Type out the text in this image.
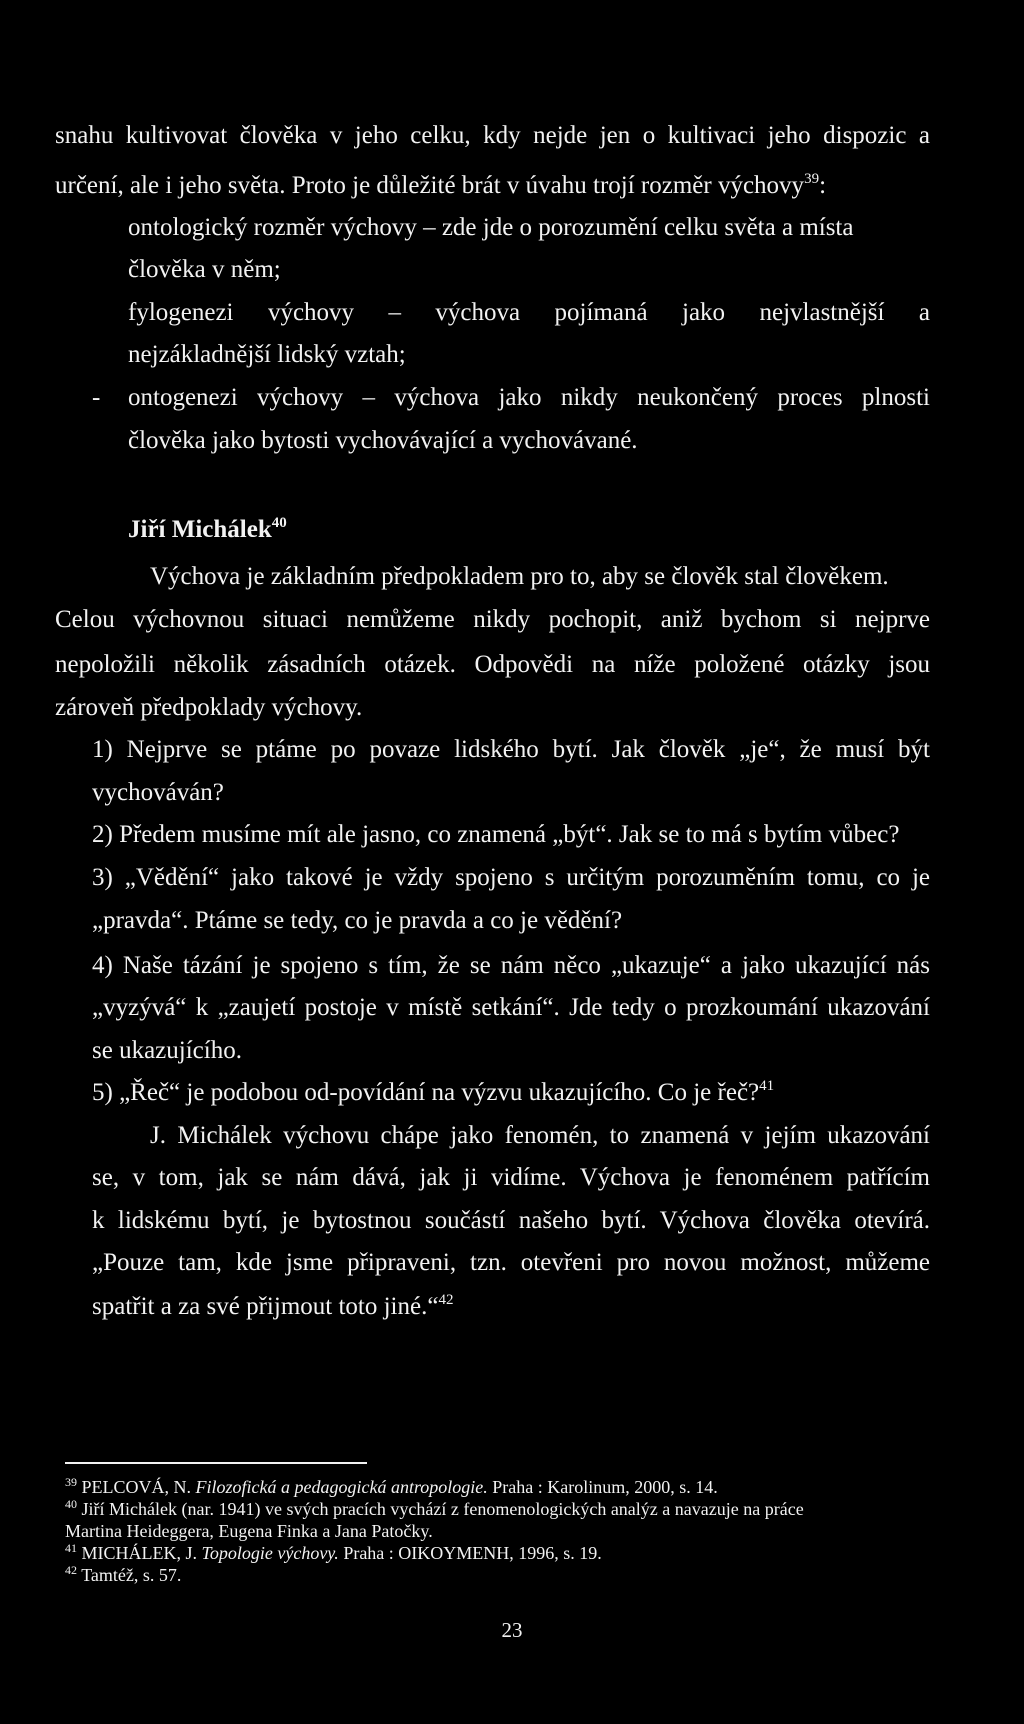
snahu kultivovat člověka v jeho celku, kdy nejde jen o kultivaci jeho dispozic a
určení, ale i jeho světa. Proto je důležité brát v úvahu trojí rozměr výchovy$^{39}$:
ontologický rozměr výchovy – zde jde o porozumění celku světa a místa
člověka v něm;
fylogenezi výchovy – výchova pojímaná jako nejvlastnější a
nejzákladnější lidský vztah;
- ontogenezi výchovy – výchova jako nikdy neukončený proces plnosti
člověka jako bytosti vychovávající a vychovávané.
Jiří Michálek$^{40}$
Výchova je základním předpokladem pro to, aby se člověk stal člověkem.
Celou výchovnou situaci nemůžeme nikdy pochopit, aniž bychom si nejprve
nepoložili několik zásadních otázek. Odpovědi na níže položené otázky jsou
zároveň předpoklady výchovy.
1) Nejprve se ptáme po povaze lidského bytí. Jak člověk „je“, že musí být
vychováván?
2) Předem musíme mít ale jasno, co znamená „být“. Jak se to má s bytím vůbec?
3) „Vědění“ jako takové je vždy spojeno s určitým porozuměním tomu, co je
„pravda“. Ptáme se tedy, co je pravda a co je vědění?
4) Naše tázání je spojeno s tím, že se nám něco „ukazuje“ a jako ukazující nás
„vyzývá“ k „zaujetí postoje v místě setkání“. Jde tedy o prozkoumání ukazování
se ukazujícího.
5) „Řeč“ je podobou od-povídání na výzvu ukazujícího. Co je řeč?$^{41}$
J. Michálek výchovu chápe jako fenomén, to znamená v jejím ukazování
se, v tom, jak se nám dává, jak ji vidíme. Výchova je fenoménem patřícím
k lidskému bytí, je bytostnou součástí našeho bytí. Výchova člověka otevírá.
„Pouze tam, kde jsme připraveni, tzn. otevřeni pro novou možnost, můžeme
spatřit a za své přijmout toto jiné.“$^{42}$
$^{39}$ PELCOVÁ, N. Filozofická a pedagogická antropologie. Praha : Karolinum, 2000, s. 14.
$^{40}$ Jiří Michálek (nar. 1941) ve svých pracích vychází z fenomenologických analýz a navazuje na práce
Martina Heideggera, Eugena Finka a Jana Patočky.
$^{41}$ MICHÁLEK, J. Topologie výchovy. Praha : OIKOYMENH, 1996, s. 19.
$^{42}$ Tamtéž, s. 57.
23
